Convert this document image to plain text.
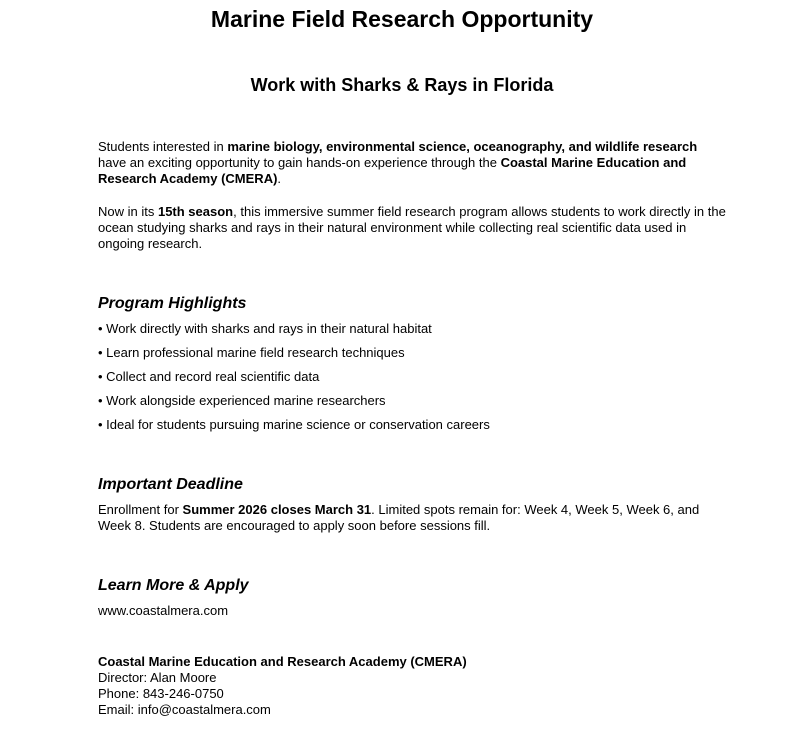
Marine Field Research Opportunity
Work with Sharks & Rays in Florida
Students interested in marine biology, environmental science, oceanography, and wildlife research have an exciting opportunity to gain hands-on experience through the Coastal Marine Education and Research Academy (CMERA).
Now in its 15th season, this immersive summer field research program allows students to work directly in the ocean studying sharks and rays in their natural environment while collecting real scientific data used in ongoing research.
Program Highlights
• Work directly with sharks and rays in their natural habitat
• Learn professional marine field research techniques
• Collect and record real scientific data
• Work alongside experienced marine researchers
• Ideal for students pursuing marine science or conservation careers
Important Deadline
Enrollment for Summer 2026 closes March 31. Limited spots remain for: Week 4, Week 5, Week 6, and Week 8. Students are encouraged to apply soon before sessions fill.
Learn More & Apply
www.coastalmera.com
Coastal Marine Education and Research Academy (CMERA)
Director: Alan Moore
Phone: 843-246-0750
Email: info@coastalmera.com
